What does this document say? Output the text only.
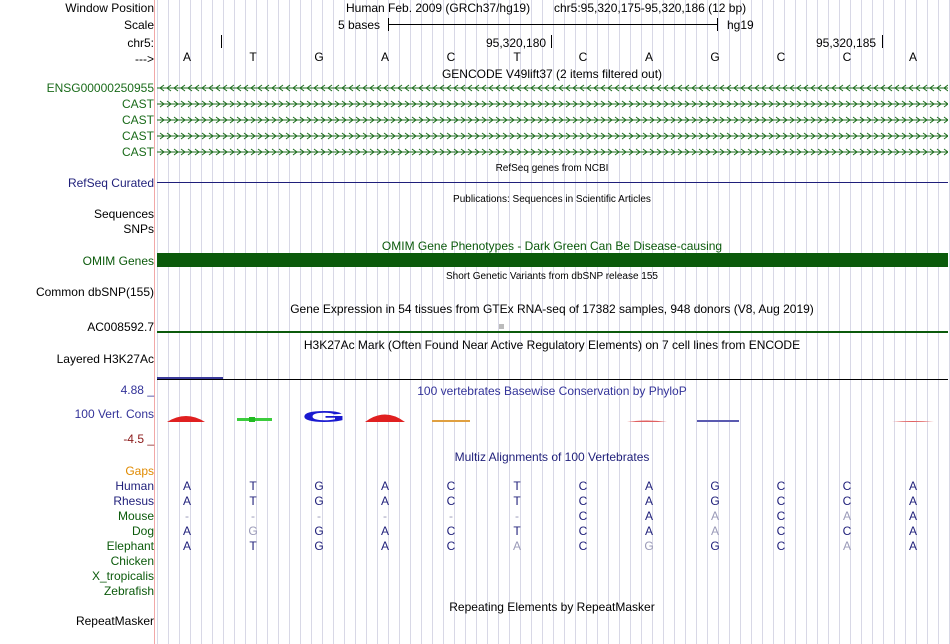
Window Position	Human Feb. 2009 (GRCh37/hg19) chr5:95,320,175-95,320,186 (12 bp)
Scale	5 bases	hg19
chr5:	95,320,180	95,320,185
---> A	T	G	A	C	T	C	A	G	C	C	A
GENCODE V49lift37 (2 items filtered out)
ENSG00000250955
CAST
CAST
CAST
CAST
RefSeq genes from NCBI
RefSeq Curated
Publications: Sequences in Scientific Articles
Sequences
SNPs
OMIM Gene Phenotypes - Dark Green Can Be Disease-causing
OMIM Genes
Short Genetic Variants from dbSNP release 155
Common dbSNP(155)
Gene Expression in 54 tissues from GTEx RNA-seq of 17382 samples, 948 donors (V8, Aug 2019)
AC008592.7
H3K27Ac Mark (Often Found Near Active Regulatory Elements) on 7 cell lines from ENCODE
Layered H3K27Ac
100 vertebrates Basewise Conservation by PhyloP
4.88 _
100 Vert. Cons
-4.5 _
G
Multiz Alignments of 100 Vertebrates
Gaps
Human A	T	G	A	C	T	C	A	G	C	C	A
Rhesus A	T	G	A	C	T	C	A	G	C	C	A
Mouse	-	-	-	-	-	-	C	A	A	C	A	A
Dog A	G	G	A	C	T	C	A	A	C	C	A
Elephant A	T	G	A	C	A	C	G	G	C	A	A
Chicken
X_tropicalis
Zebrafish
Repeating Elements by RepeatMasker
RepeatMasker
